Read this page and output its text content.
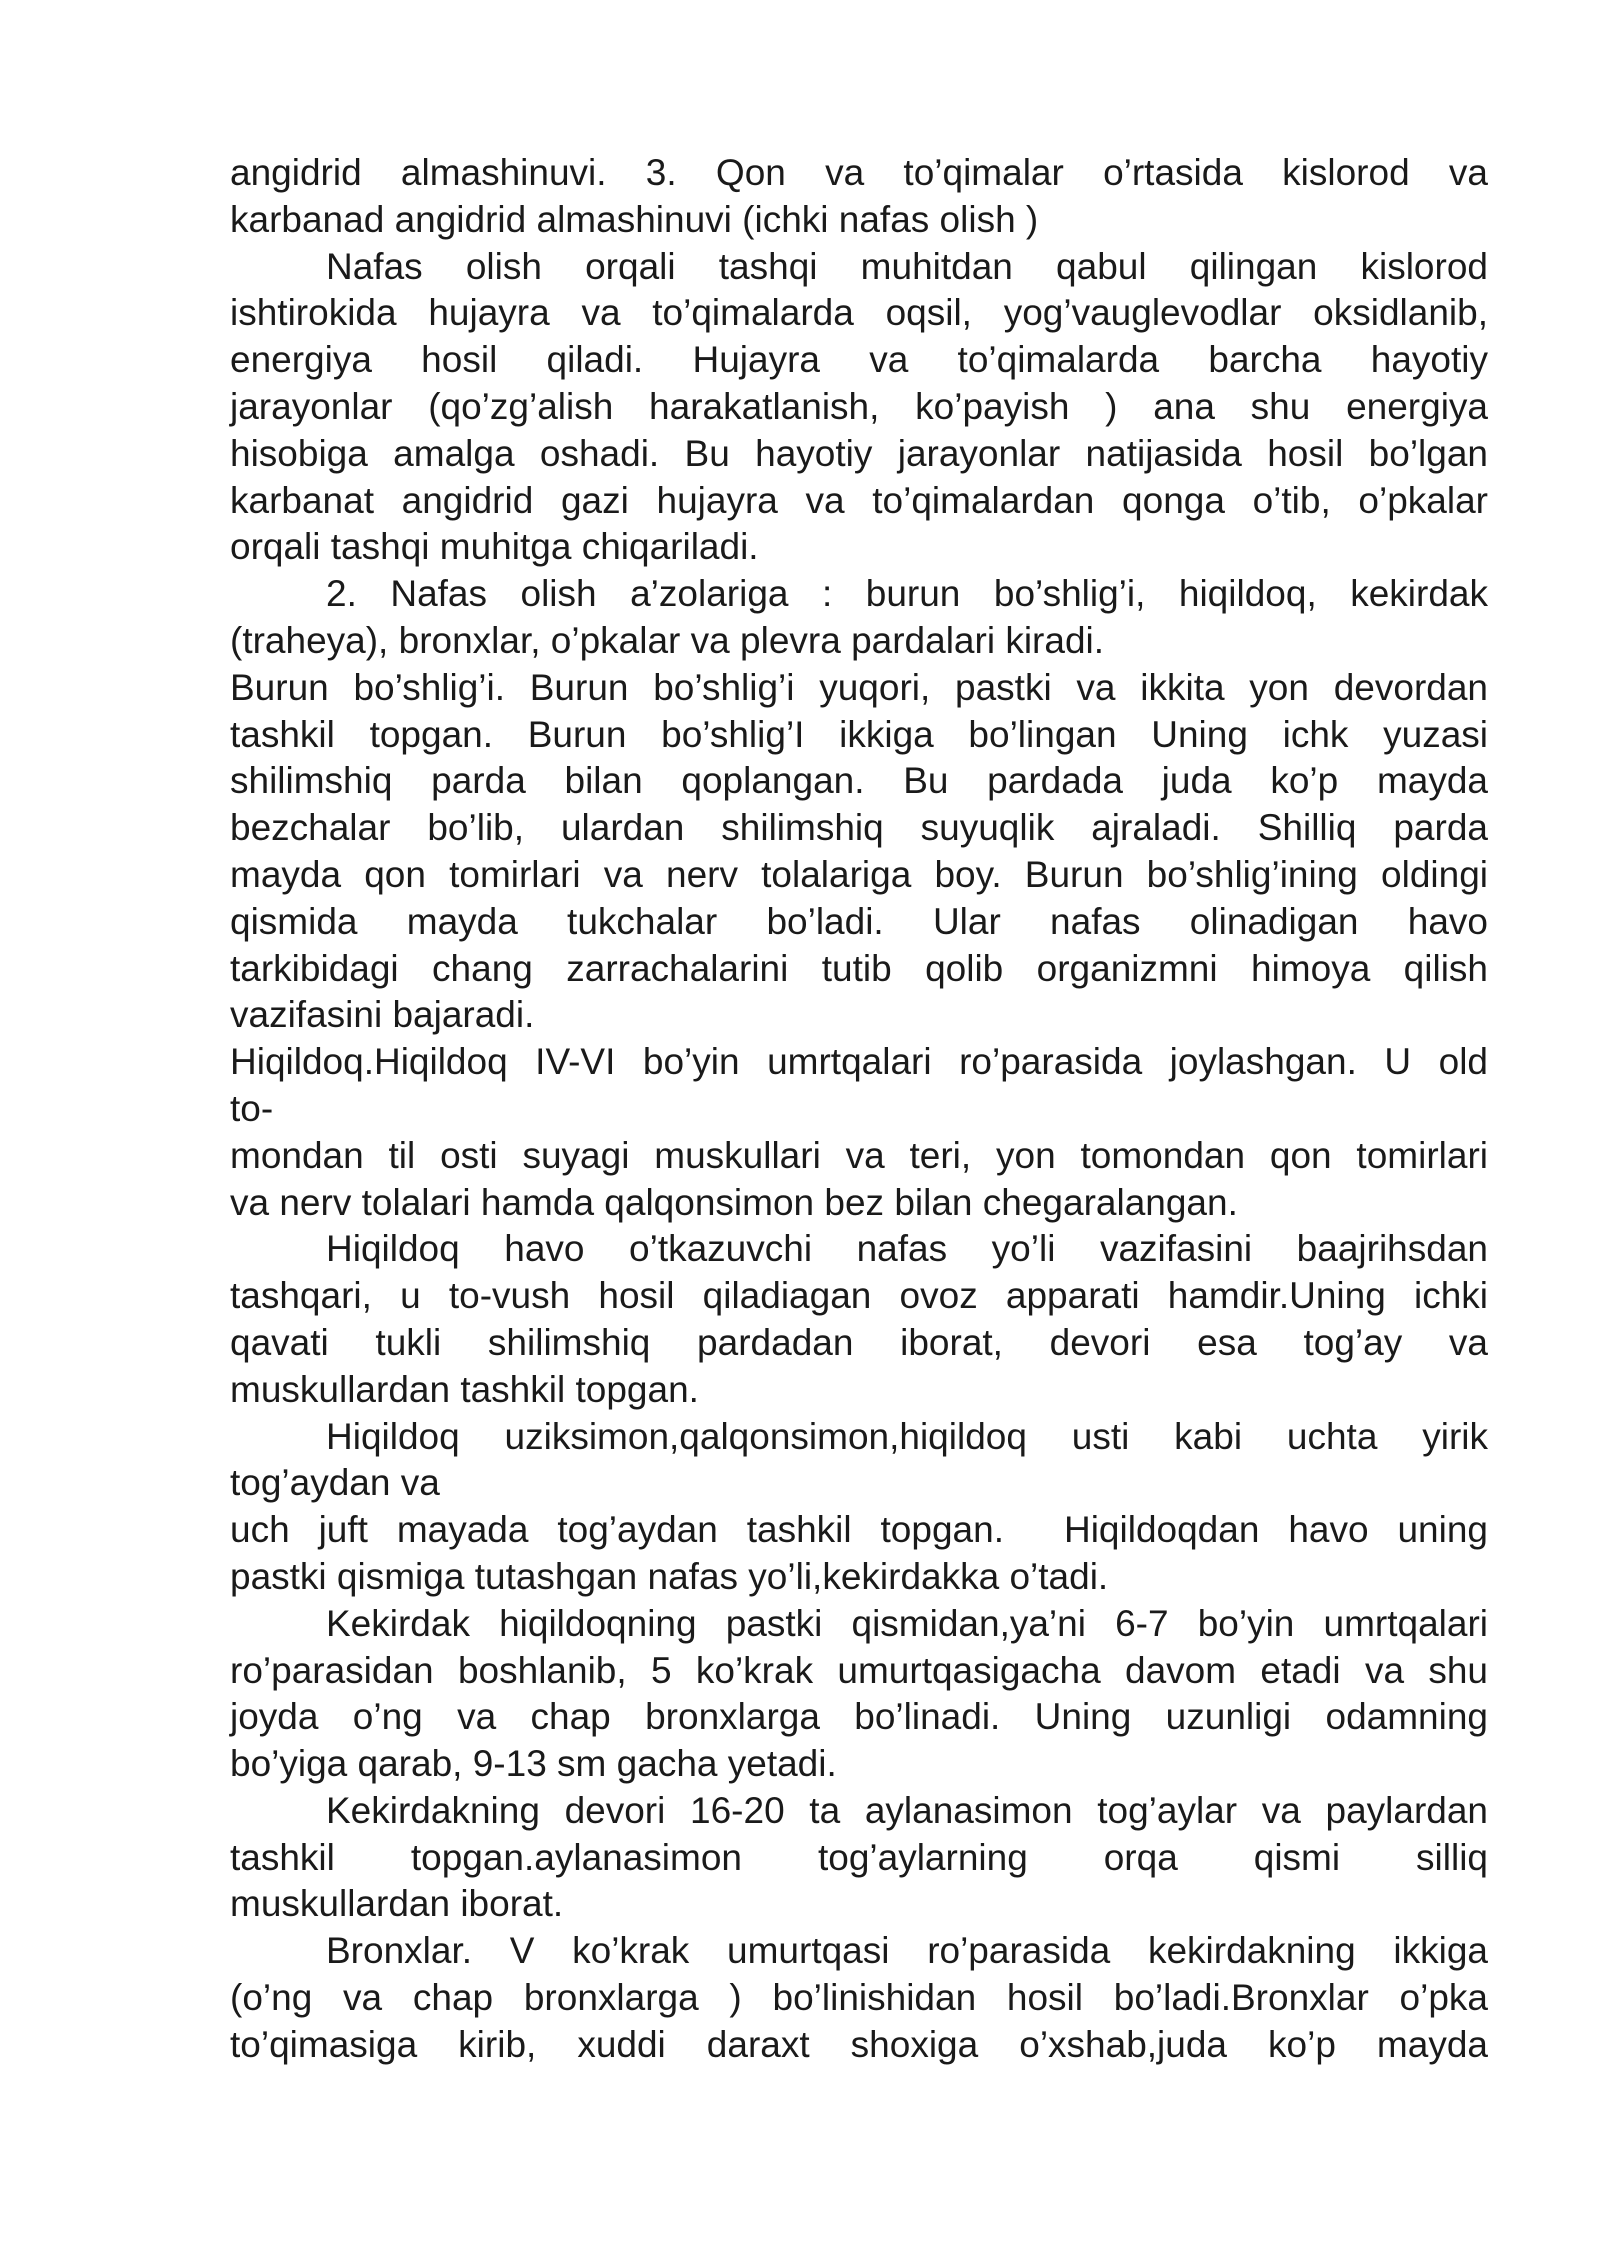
angidrid almashinuvi. 3. Qon va to’qimalar o’rtasida kislorod va
karbanad angidrid almashinuvi (ichki nafas olish )
Nafas olish orqali tashqi muhitdan qabul qilingan kislorod
ishtirokida hujayra va to’qimalarda oqsil, yog’vauglevodlar oksidlanib,
energiya hosil qiladi. Hujayra va to’qimalarda barcha hayotiy
jarayonlar (qo’zg’alish harakatlanish, ko’payish ) ana shu energiya
hisobiga amalga oshadi. Bu hayotiy jarayonlar natijasida hosil bo’lgan
karbanat angidrid gazi hujayra va to’qimalardan qonga o’tib, o’pkalar
orqali tashqi muhitga chiqariladi.
2. Nafas olish a’zolariga : burun bo’shlig’i, hiqildoq, kekirdak
(traheya), bronxlar, o’pkalar va plevra pardalari kiradi.
Burun bo’shlig’i. Burun bo’shlig’i yuqori, pastki va ikkita yon devordan
tashkil topgan. Burun bo’shlig’I ikkiga bo’lingan Uning ichk yuzasi
shilimshiq parda bilan qoplangan. Bu pardada juda ko’p mayda
bezchalar bo’lib, ulardan shilimshiq suyuqlik ajraladi. Shilliq parda
mayda qon tomirlari va nerv tolalariga boy. Burun bo’shlig’ining oldingi
qismida mayda tukchalar bo’ladi. Ular nafas olinadigan havo
tarkibidagi chang zarrachalarini tutib qolib organizmni himoya qilish
vazifasini bajaradi.
Hiqildoq.Hiqildoq IV-VI bo’yin umrtqalari ro’parasida joylashgan. U old
to-
mondan til osti suyagi muskullari va teri, yon tomondan qon tomirlari
va nerv tolalari hamda qalqonsimon bez bilan chegaralangan.
Hiqildoq havo o’tkazuvchi nafas yo’li vazifasini baajrihsdan
tashqari, u to-vush hosil qiladiagan ovoz apparati hamdir.Uning ichki
qavati tukli shilimshiq pardadan iborat, devori esa tog’ay va
muskullardan tashkil topgan.
Hiqildoq uziksimon,qalqonsimon,hiqildoq usti kabi uchta yirik
tog’aydan va
uch juft mayada tog’aydan tashkil topgan. Hiqildoqdan havo uning
pastki qismiga tutashgan nafas yo’li,kekirdakka o’tadi.
Kekirdak hiqildoqning pastki qismidan,ya’ni 6-7 bo’yin umrtqalari
ro’parasidan boshlanib, 5 ko’krak umurtqasigacha davom etadi va shu
joyda o’ng va chap bronxlarga bo’linadi. Uning uzunligi odamning
bo’yiga qarab, 9-13 sm gacha yetadi.
Kekirdakning devori 16-20 ta aylanasimon tog’aylar va paylardan
tashkil topgan.aylanasimon tog’aylarning orqa qismi silliq
muskullardan iborat.
Bronxlar. V ko’krak umurtqasi ro’parasida kekirdakning ikkiga
(o’ng va chap bronxlarga ) bo’linishidan hosil bo’ladi.Bronxlar o’pka
to’qimasiga kirib, xuddi daraxt shoxiga o’xshab,juda ko’p mayda
